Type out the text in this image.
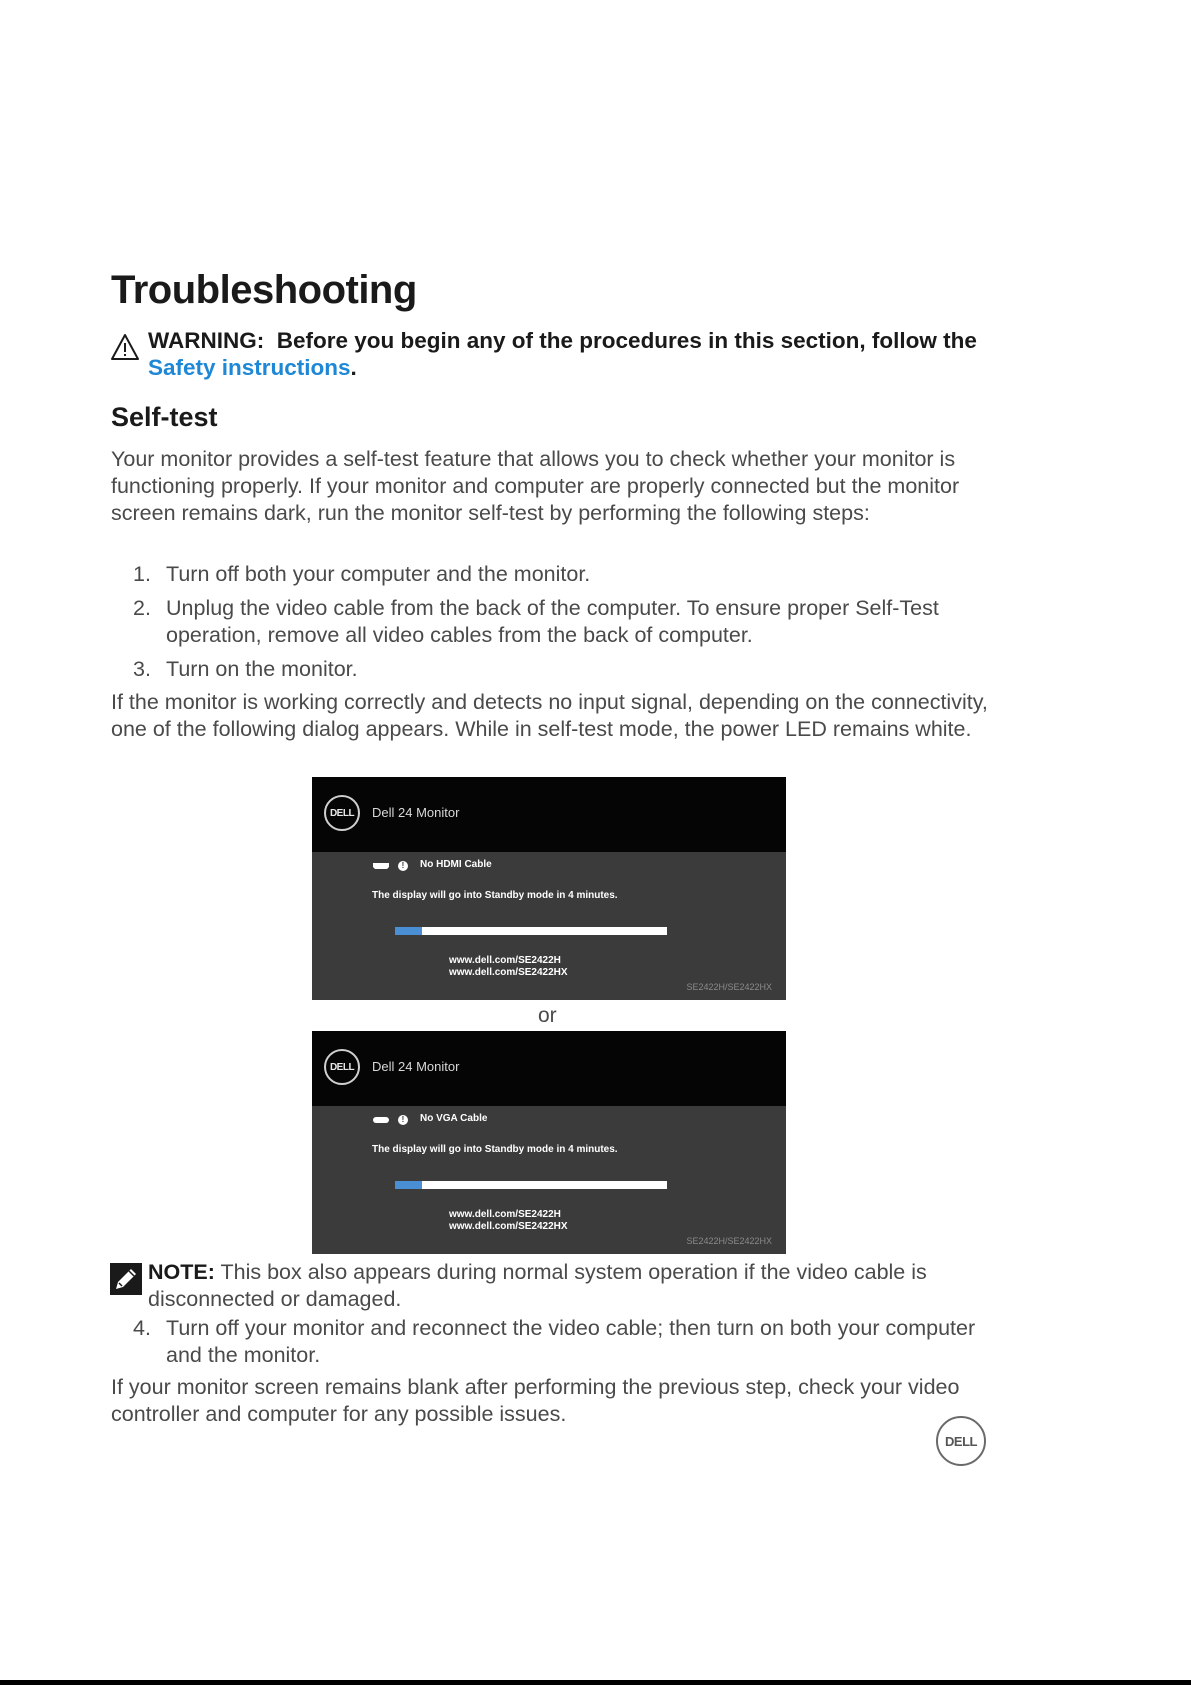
Troubleshooting

WARNING: Before you begin any of the procedures in this section, follow the Safety instructions.

Self-test

Your monitor provides a self-test feature that allows you to check whether your monitor is functioning properly. If your monitor and computer are properly connected but the monitor screen remains dark, run the monitor self-test by performing the following steps:

1. Turn off both your computer and the monitor.
2. Unplug the video cable from the back of the computer. To ensure proper Self-Test operation, remove all video cables from the back of computer.
3. Turn on the monitor.

If the monitor is working correctly and detects no input signal, depending on the connectivity, one of the following dialog appears. While in self-test mode, the power LED remains white.

DELL	Dell 24 Monitor
!	No HDMI Cable
The display will go into Standby mode in 4 minutes.
www.dell.com/SE2422H
www.dell.com/SE2422HX
SE2422H/SE2422HX
or
DELL	Dell 24 Monitor
!	No VGA Cable
The display will go into Standby mode in 4 minutes.
www.dell.com/SE2422H
www.dell.com/SE2422HX
SE2422H/SE2422HX

NOTE: This box also appears during normal system operation if the video cable is disconnected or damaged.

4. Turn off your monitor and reconnect the video cable; then turn on both your computer and the monitor.

If your monitor screen remains blank after performing the previous step, check your video controller and computer for any possible issues.

DELL
